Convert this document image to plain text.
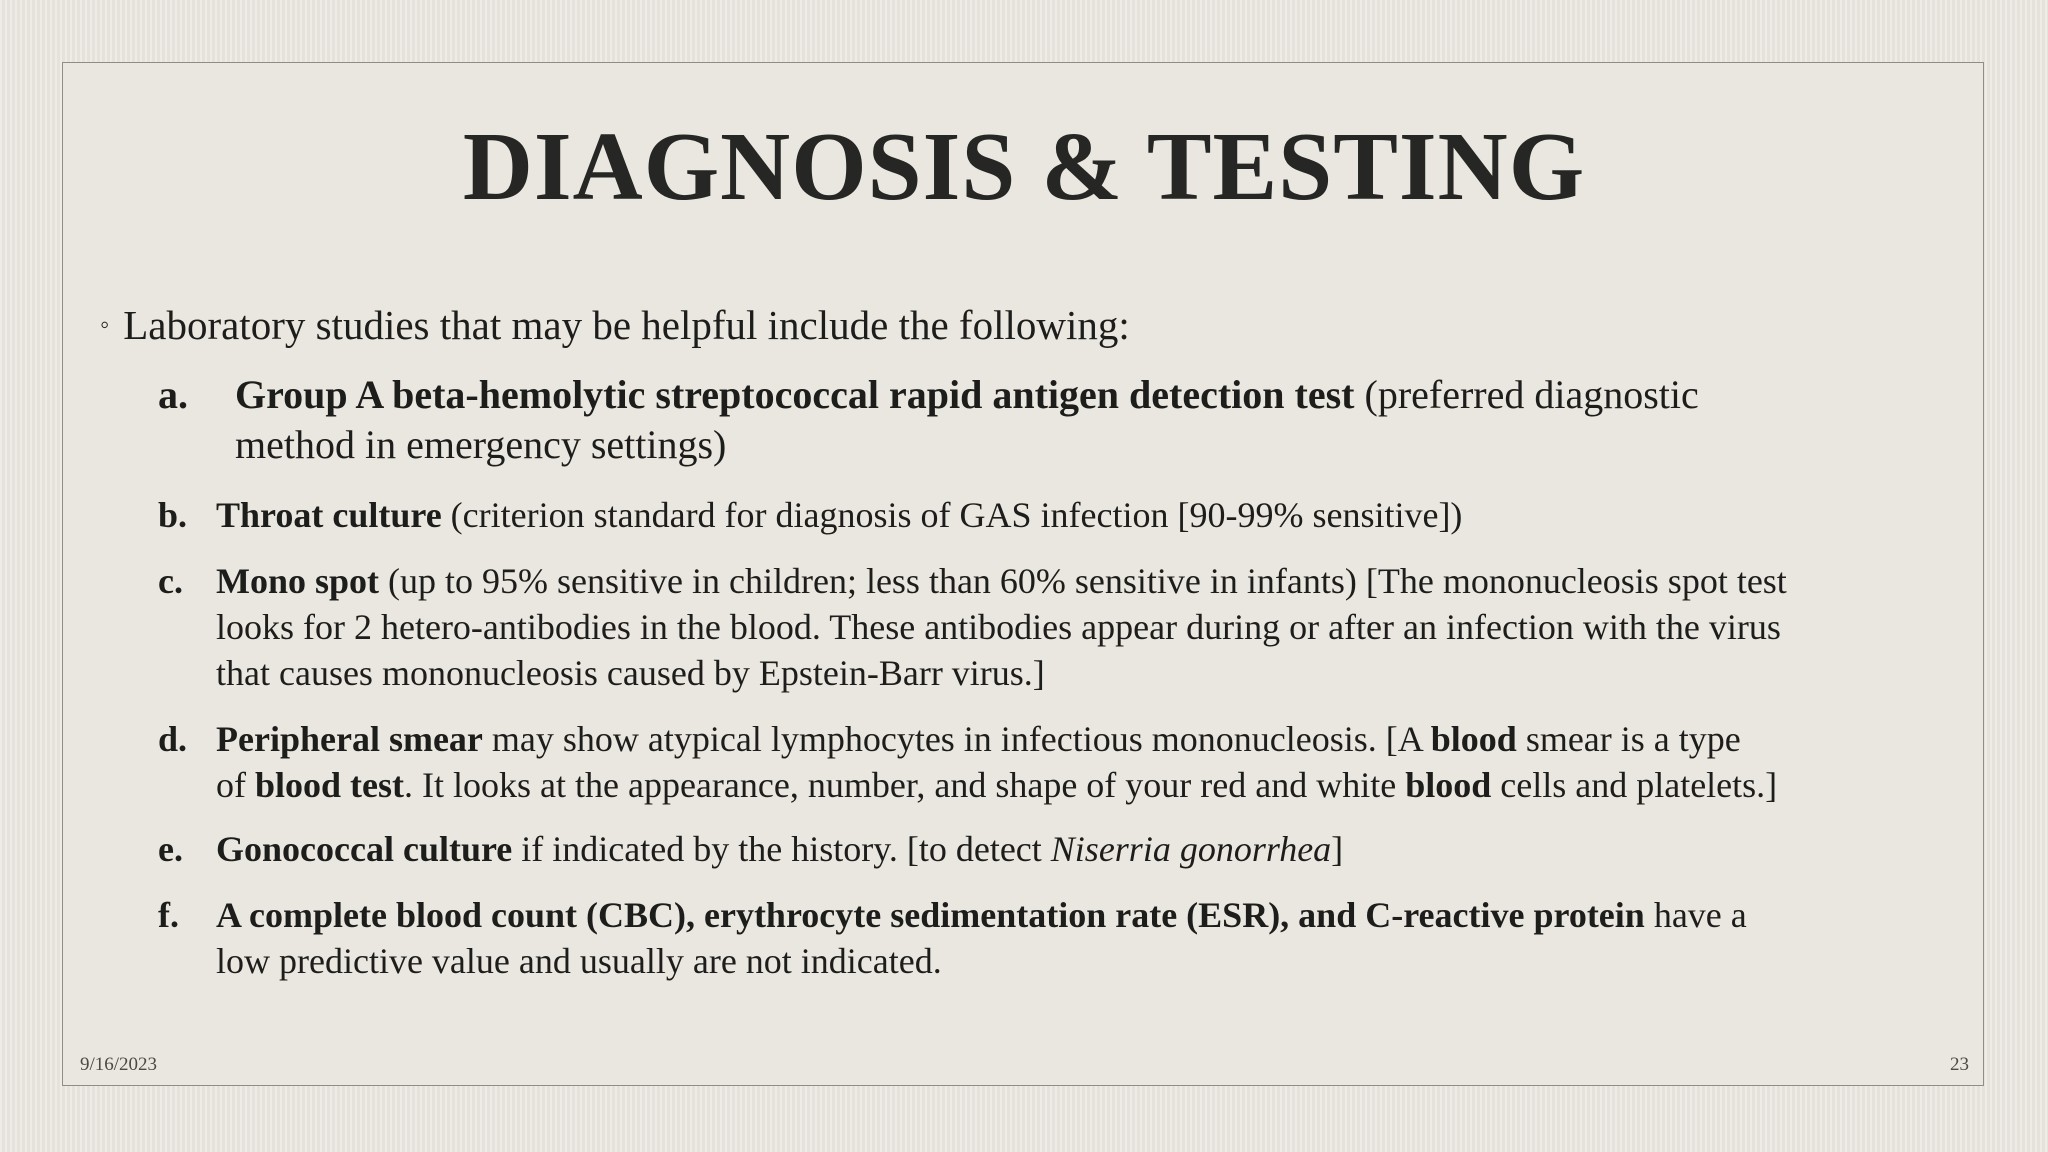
DIAGNOSIS & TESTING
◦ Laboratory studies that may be helpful include the following:
a. Group A beta-hemolytic streptococcal rapid antigen detection test (preferred diagnostic
method in emergency settings)
b. Throat culture (criterion standard for diagnosis of GAS infection [90-99% sensitive])
c. Mono spot (up to 95% sensitive in children; less than 60% sensitive in infants) [The mononucleosis spot test
looks for 2 hetero-antibodies in the blood. These antibodies appear during or after an infection with the virus
that causes mononucleosis caused by Epstein-Barr virus.]
d. Peripheral smear may show atypical lymphocytes in infectious mononucleosis. [A blood smear is a type
of blood test. It looks at the appearance, number, and shape of your red and white blood cells and platelets.]
e. Gonococcal culture if indicated by the history. [to detect Niserria gonorrhea]
f. A complete blood count (CBC), erythrocyte sedimentation rate (ESR), and C-reactive protein have a
low predictive value and usually are not indicated.
9/16/2023	23
